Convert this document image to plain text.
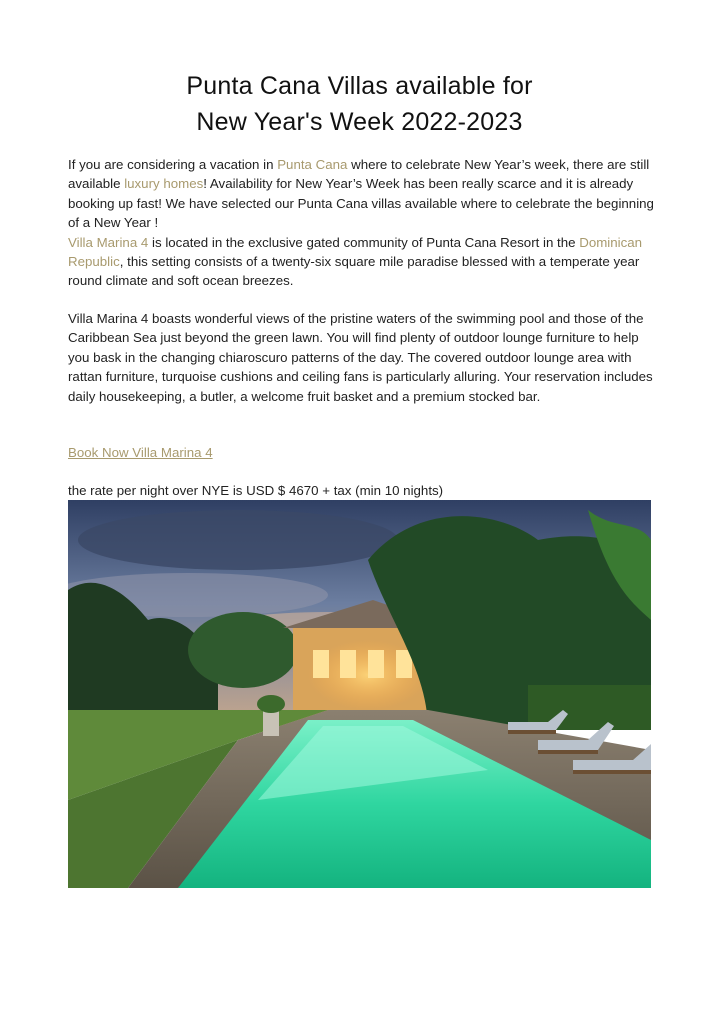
Punta Cana Villas available for
New Year's Week 2022-2023

If you are considering a vacation in Punta Cana where to celebrate New Year’s week, there are still available luxury homes! Availability for New Year’s Week has been really scarce and it is already booking up fast! We have selected our Punta Cana villas available where to celebrate the beginning of a New Year !
Villa Marina 4 is located in the exclusive gated community of Punta Cana Resort in the Dominican Republic, this setting consists of a twenty-six square mile paradise blessed with a temperate year round climate and soft ocean breezes.

Villa Marina 4 boasts wonderful views of the pristine waters of the swimming pool and those of the Caribbean Sea just beyond the green lawn. You will find plenty of outdoor lounge furniture to help you bask in the changing chiaroscuro patterns of the day. The covered outdoor lounge area with rattan furniture, turquoise cushions and ceiling fans is particularly alluring. Your reservation includes daily housekeeping, a butler, a welcome fruit basket and a premium stocked bar.

Book Now Villa Marina 4

the rate per night over NYE is USD $ 4670 + tax (min 10 nights)
